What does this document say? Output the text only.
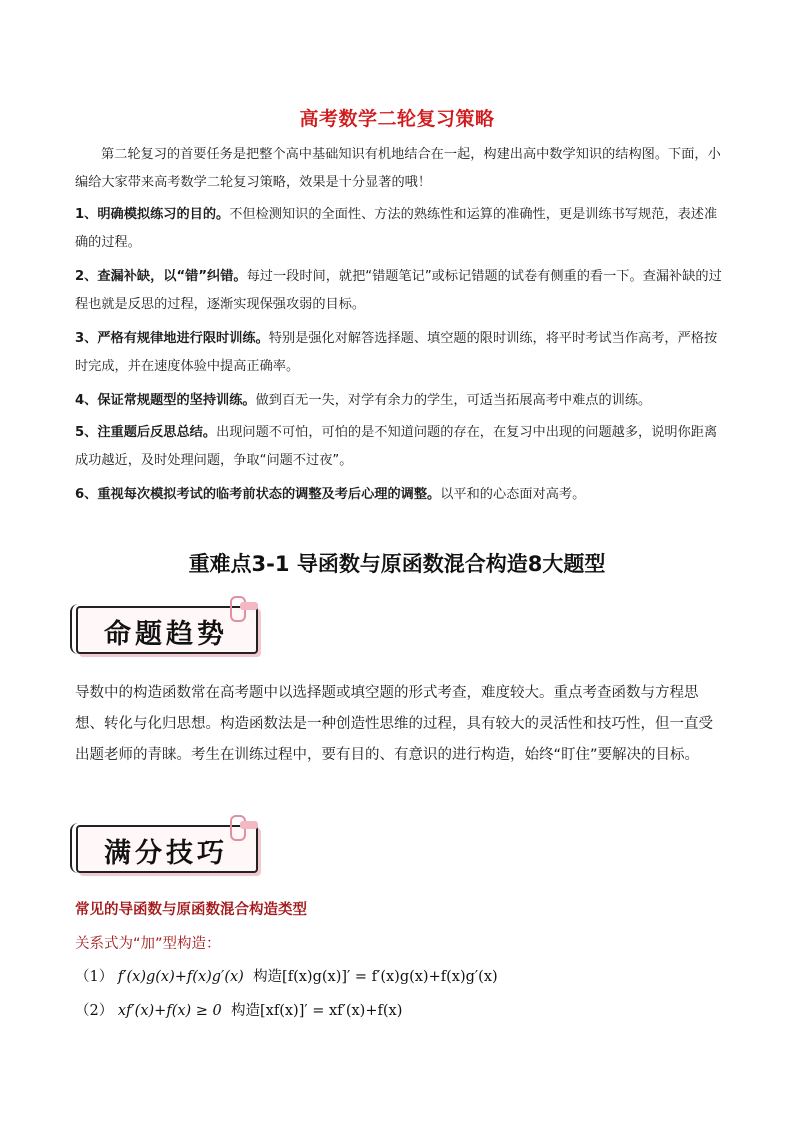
高考数学二轮复习策略
第二轮复习的首要任务是把整个高中基础知识有机地结合在一起，构建出高中数学知识的结构图。下面，小编给大家带来高考数学二轮复习策略，效果是十分显著的哦！
1、明确模拟练习的目的。不但检测知识的全面性、方法的熟练性和运算的准确性，更是训练书写规范，表述准确的过程。
2、查漏补缺，以“错”纠错。每过一段时间，就把“错题笔记”或标记错题的试卷有侧重的看一下。查漏补缺的过程也就是反思的过程，逐渐实现保强攻弱的目标。
3、严格有规律地进行限时训练。特别是强化对解答选择题、填空题的限时训练，将平时考试当作高考，严格按时完成，并在速度体验中提高正确率。
4、保证常规题型的坚持训练。做到百无一失，对学有余力的学生，可适当拓展高考中难点的训练。
5、注重题后反思总结。出现问题不可怕，可怕的是不知道问题的存在，在复习中出现的问题越多，说明你距离成功越近，及时处理问题，争取“问题不过夜”。
6、重视每次模拟考试的临考前状态的调整及考后心理的调整。以平和的心态面对高考。
重难点3-1 导函数与原函数混合构造8大题型
命题趋势
导数中的构造函数常在高考题中以选择题或填空题的形式考查，难度较大。重点考查函数与方程思想、转化与化归思想。构造函数法是一种创造性思维的过程，具有较大的灵活性和技巧性，但一直受出题老师的青睐。考生在训练过程中，要有目的、有意识的进行构造，始终“盯住”要解决的目标。
满分技巧
常见的导函数与原函数混合构造类型
关系式为“加”型构造：
（1） f′(x)g(x)+f(x)g′(x) 构造[f(x)g(x)]′ = f′(x)g(x)+f(x)g′(x)
（2） xf′(x)+f(x) ≥ 0 构造[xf(x)]′ = xf′(x)+f(x)
